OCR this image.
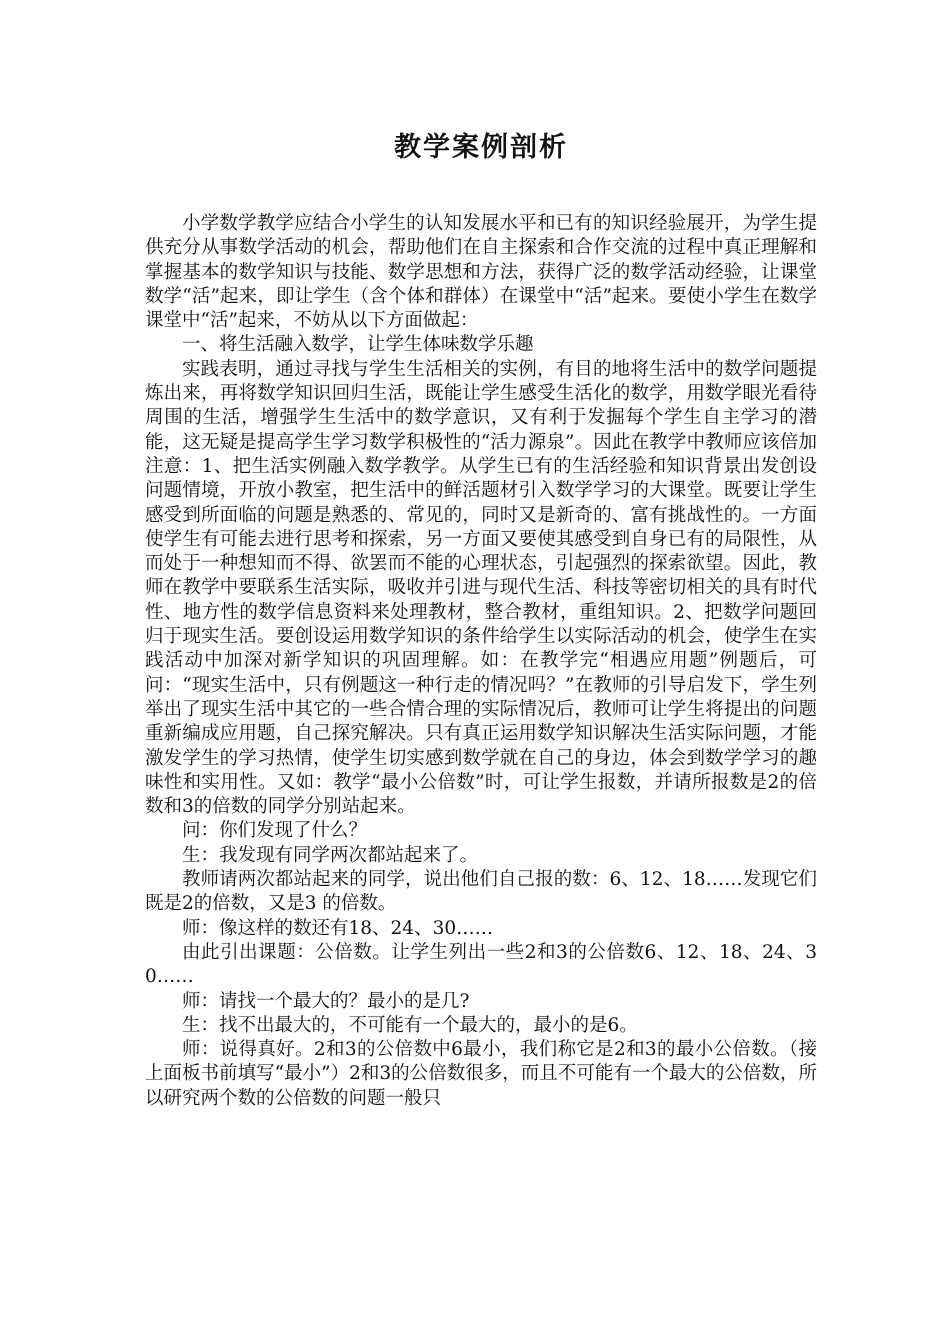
教学案例剖析

小学数学教学应结合小学生的认知发展水平和已有的知识经验展开，为学生提供充分从事数学活动的机会，帮助他们在自主探索和合作交流的过程中真正理解和掌握基本的数学知识与技能、数学思想和方法，获得广泛的数学活动经验，让课堂数学“活”起来，即让学生（含个体和群体）在课堂中“活”起来。要使小学生在数学课堂中“活”起来，不妨从以下方面做起：

一、将生活融入数学，让学生体味数学乐趣

实践表明，通过寻找与学生生活相关的实例，有目的地将生活中的数学问题提炼出来，再将数学知识回归生活，既能让学生感受生活化的数学，用数学眼光看待周围的生活，增强学生生活中的数学意识，又有利于发掘每个学生自主学习的潜能，这无疑是提高学生学习数学积极性的“活力源泉”。因此在教学中教师应该倍加注意：1、把生活实例融入数学教学。从学生已有的生活经验和知识背景出发创设问题情境，开放小教室，把生活中的鲜活题材引入数学学习的大课堂。既要让学生感受到所面临的问题是熟悉的、常见的，同时又是新奇的、富有挑战性的。一方面使学生有可能去进行思考和探索，另一方面又要使其感受到自身已有的局限性，从而处于一种想知而不得、欲罢而不能的心理状态，引起强烈的探索欲望。因此，教师在教学中要联系生活实际，吸收并引进与现代生活、科技等密切相关的具有时代性、地方性的数学信息资料来处理教材，整合教材，重组知识。2、把数学问题回归于现实生活。要创设运用数学知识的条件给学生以实际活动的机会，使学生在实践活动中加深对新学知识的巩固理解。如：在教学完“相遇应用题”例题后，可问：“现实生活中，只有例题这一种行走的情况吗？”在教师的引导启发下，学生列举出了现实生活中其它的一些合情合理的实际情况后，教师可让学生将提出的问题重新编成应用题，自己探究解决。只有真正运用数学知识解决生活实际问题，才能激发学生的学习热情，使学生切实感到数学就在自己的身边，体会到数学学习的趣味性和实用性。又如：教学“最小公倍数”时，可让学生报数，并请所报数是2的倍数和3的倍数的同学分别站起来。

问：你们发现了什么？

生：我发现有同学两次都站起来了。

教师请两次都站起来的同学，说出他们自己报的数：6、12、18……发现它们既是2的倍数，又是3 的倍数。

师：像这样的数还有18、24、30……

由此引出课题：公倍数。让学生列出一些2和3的公倍数6、12、18、24、30……

师：请找一个最大的？最小的是几?

生：找不出最大的，不可能有一个最大的，最小的是6。

师：说得真好。2和3的公倍数中6最小，我们称它是2和3的最小公倍数。（接上面板书前填写“最小”）2和3的公倍数很多，而且不可能有一个最大的公倍数，所以研究两个数的公倍数的问题一般只
